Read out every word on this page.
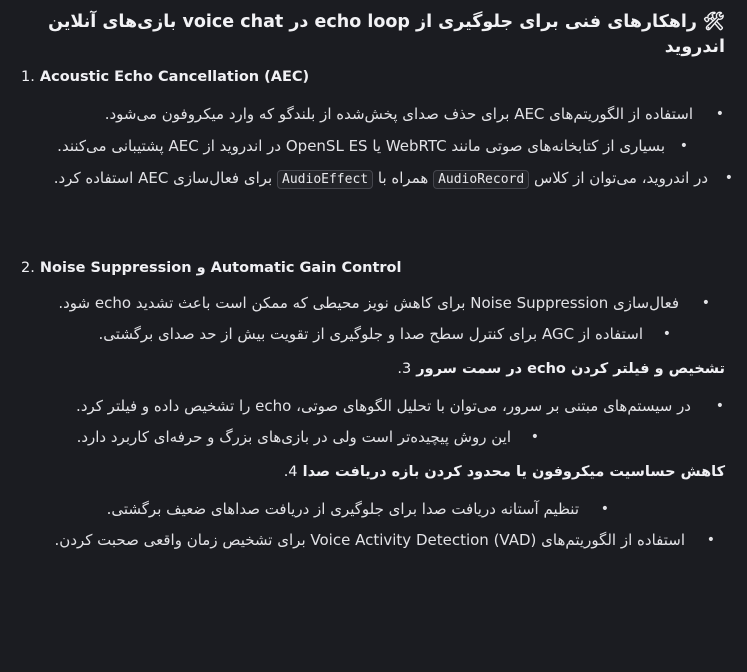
🛠راهکارهای فنی برای جلوگیری از echo loop در voice chat بازی‌های آنلاین اندروید
1. Acoustic Echo Cancellation (AEC)
•
استفاده از الگوریتم‌های AEC برای حذف صدای پخش‌شده از بلندگو که وارد میکروفون می‌شود.
•
بسیاری از کتابخانه‌های صوتی مانند WebRTC یا OpenSL ES در اندروید از AEC پشتیبانی می‌کنند.
•
در اندروید، می‌توان از کلاس AudioRecord همراه با AudioEffect برای فعال‌سازی AEC استفاده کرد.
2. Noise Suppression و Automatic Gain Control
•
فعال‌سازی Noise Suppression برای کاهش نویز محیطی که ممکن است باعث تشدید echo شود.
•
استفاده از AGC برای کنترل سطح صدا و جلوگیری از تقویت بیش از حد صدای برگشتی.
تشخیص و فیلتر کردن echo در سمت سرور 3.
•
در سیستم‌های مبتنی بر سرور، می‌توان با تحلیل الگوهای صوتی، echo را تشخیص داده و فیلتر کرد.
•
این روش پیچیده‌تر است ولی در بازی‌های بزرگ و حرفه‌ای کاربرد دارد.
کاهش حساسیت میکروفون یا محدود کردن بازه دریافت صدا 4.
•
تنظیم آستانه دریافت صدا برای جلوگیری از دریافت صداهای ضعیف برگشتی.
•
استفاده از الگوریتم‌های Voice Activity Detection (VAD) برای تشخیص زمان واقعی صحبت کردن.
